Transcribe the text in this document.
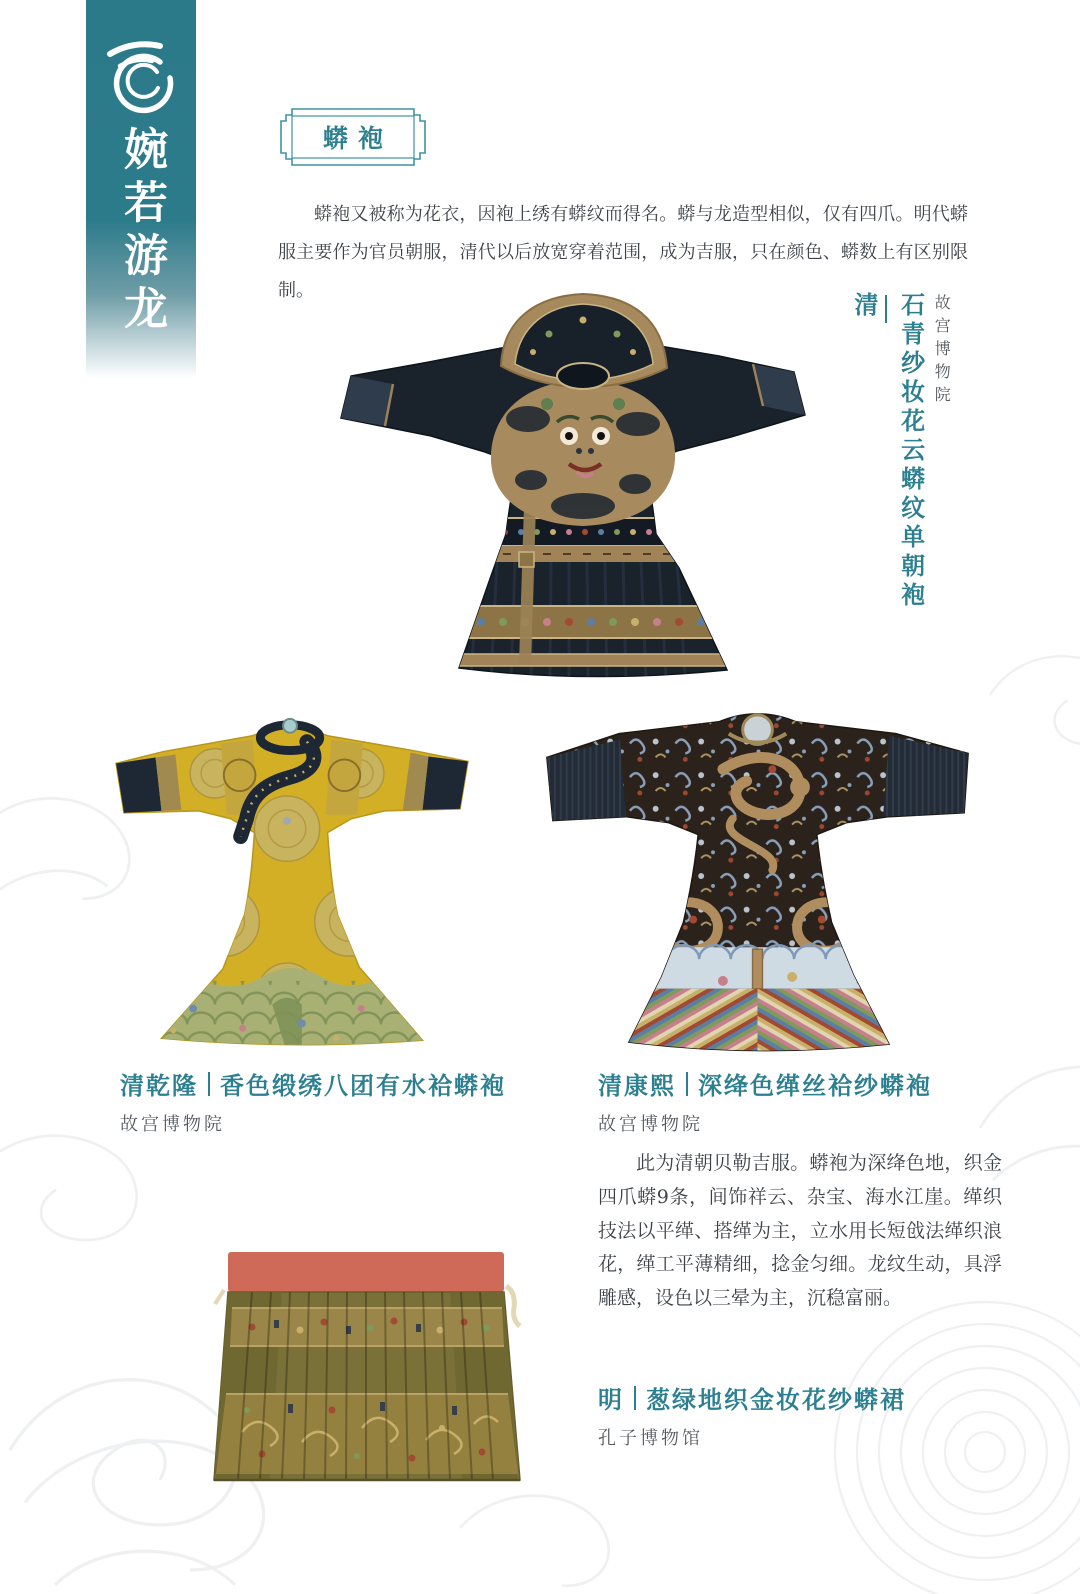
婉若游龙	蟒袍

蟒袍又被称为花衣，因袍上绣有蟒纹而得名。蟒与龙造型相似，仅有四爪。明代蟒服主要作为官员朝服，清代以后放宽穿着范围，成为吉服，只在颜色、蟒数上有区别限制。

清 石青纱妆花云蟒纹单朝袍 故宫博物院
清乾隆 香色缎绣八团有水袷蟒袍
故宫博物院
清康熙 深绛色缂丝袷纱蟒袍
故宫博物院

此为清朝贝勒吉服。蟒袍为深绛色地，织金四爪蟒9条，间饰祥云、杂宝、海水江崖。缂织技法以平缂、搭缂为主，立水用长短戗法缂织浪花，缂工平薄精细，捻金匀细。龙纹生动，具浮雕感，设色以三晕为主，沉稳富丽。

明 葱绿地织金妆花纱蟒裙
孔子博物馆
